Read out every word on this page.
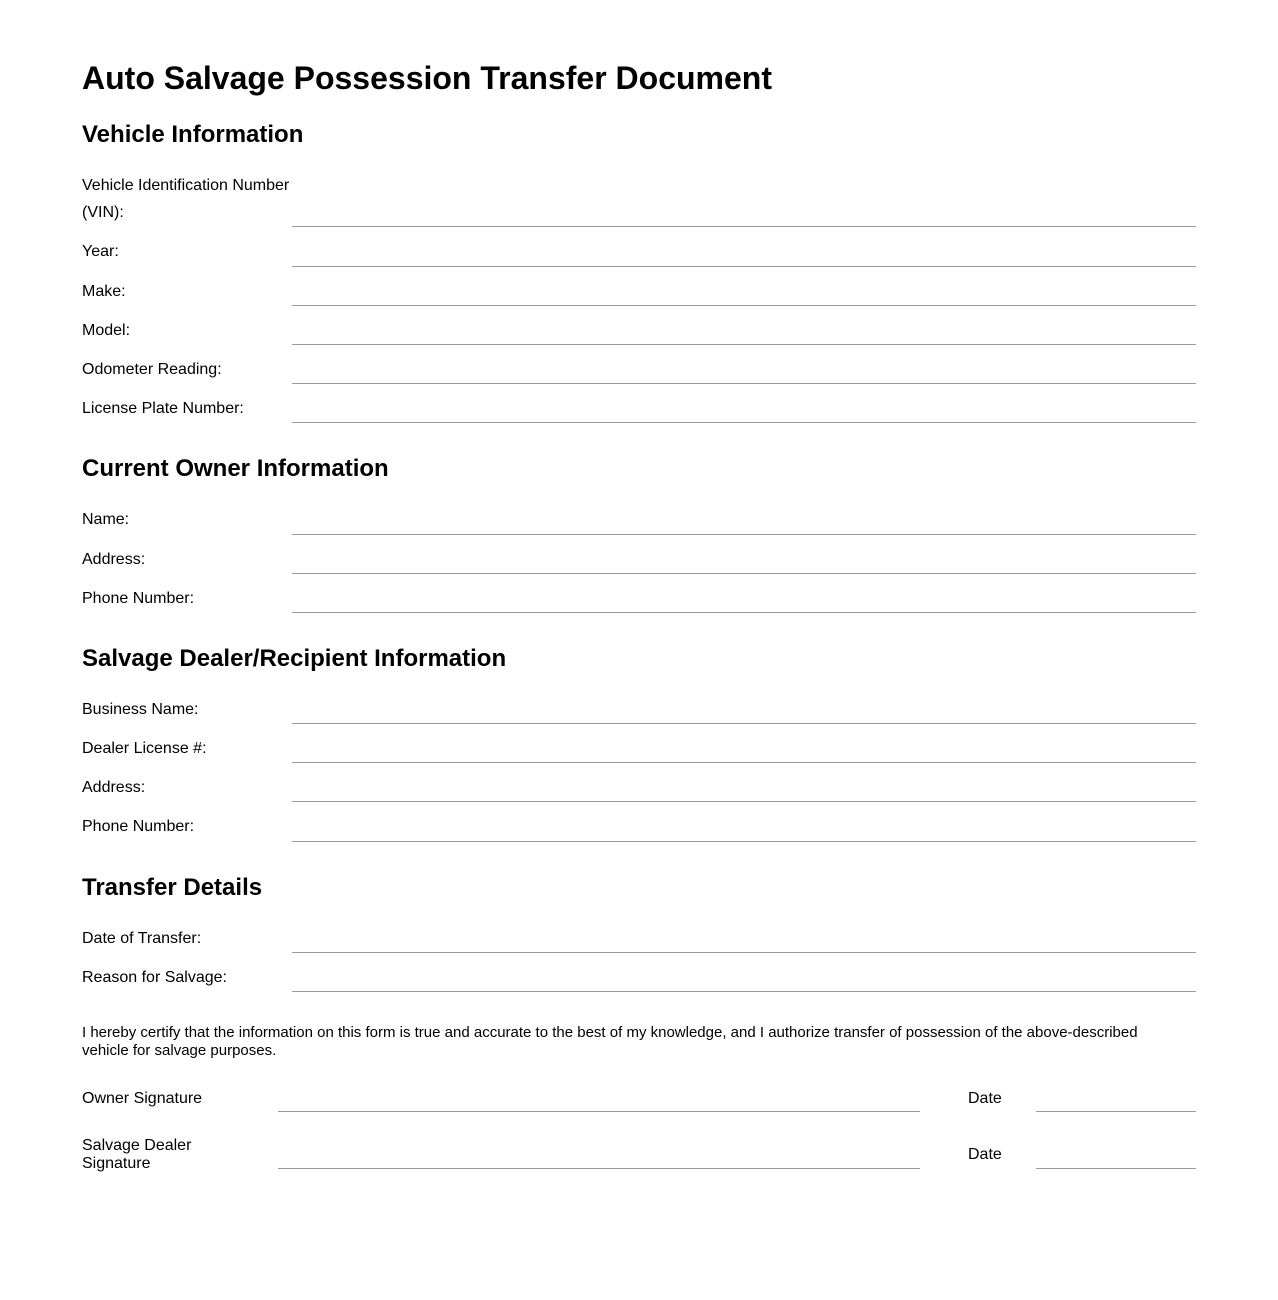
Auto Salvage Possession Transfer Document
Vehicle Information
Vehicle Identification Number (VIN):
Year:
Make:
Model:
Odometer Reading:
License Plate Number:
Current Owner Information
Name:
Address:
Phone Number:
Salvage Dealer/Recipient Information
Business Name:
Dealer License #:
Address:
Phone Number:
Transfer Details
Date of Transfer:
Reason for Salvage:
I hereby certify that the information on this form is true and accurate to the best of my knowledge, and I authorize transfer of possession of the above-described vehicle for salvage purposes.
Owner Signature	Date
Salvage Dealer Signature
Date
